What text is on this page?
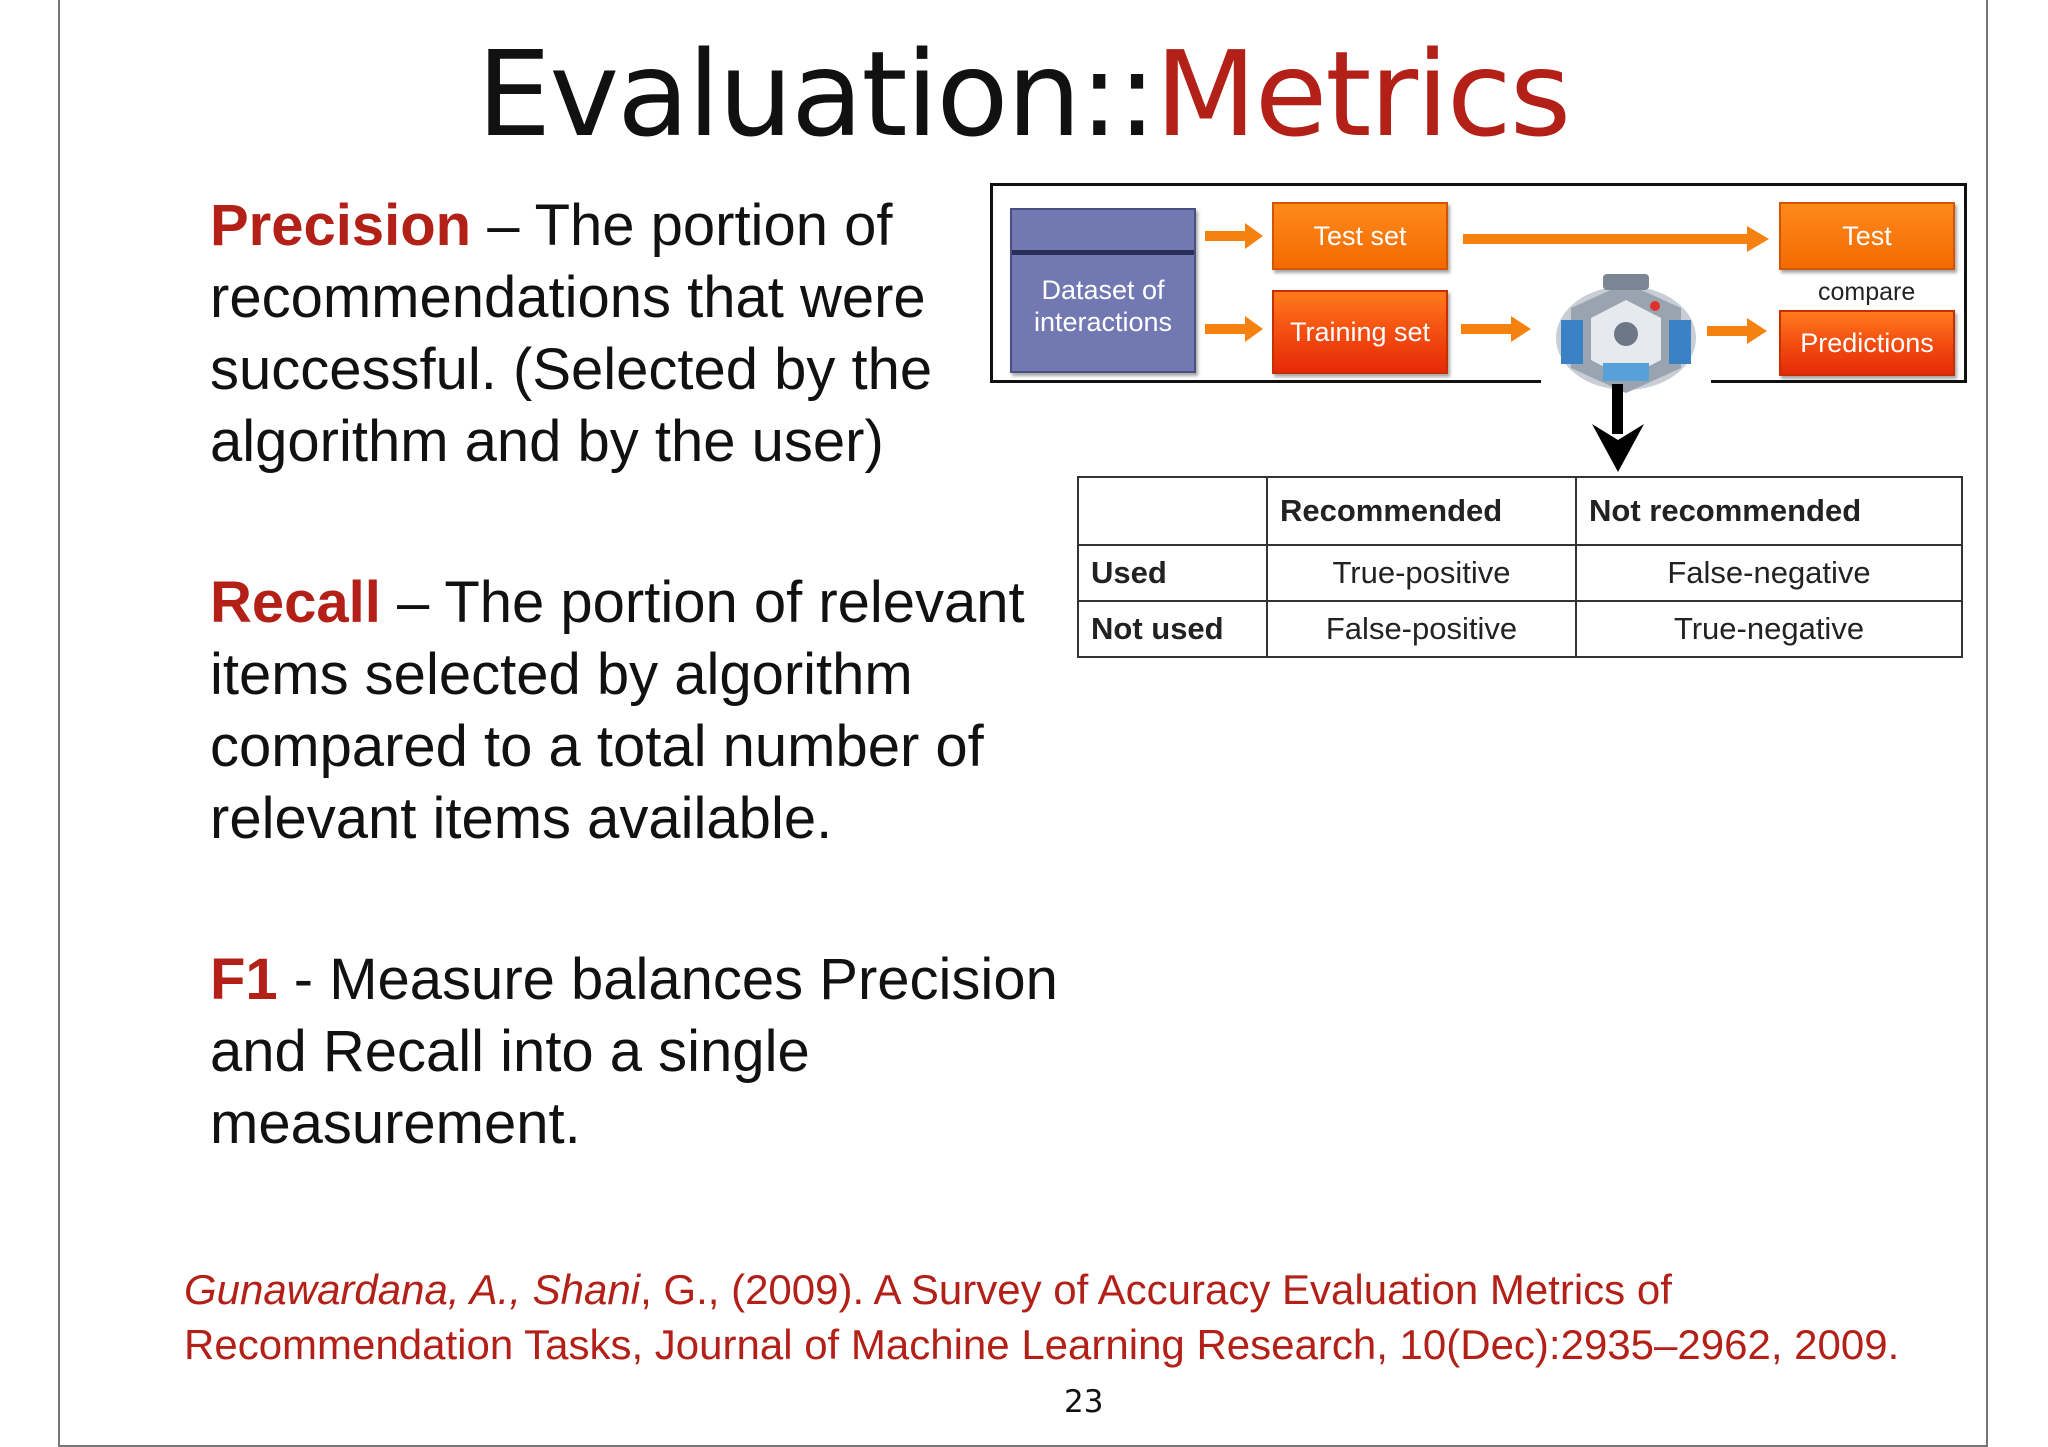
Evaluation::Metrics
Precision – The portion of recommendations that were successful. (Selected by the algorithm and by the user)
Recall – The portion of relevant items selected by algorithm compared to a total number of relevant items available.
F1 - Measure balances Precision and Recall into a single measurement.
Gunawardana, A., Shani, G., (2009). A Survey of Accuracy Evaluation Metrics of Recommendation Tasks, Journal of Machine Learning Research, 10(Dec):2935–2962, 2009.
23
Dataset of interactions
Test set
Training set
Test
compare
Predictions
	Recommended	Not recommended
Used	True-positive	False-negative
Not used	False-positive	True-negative
